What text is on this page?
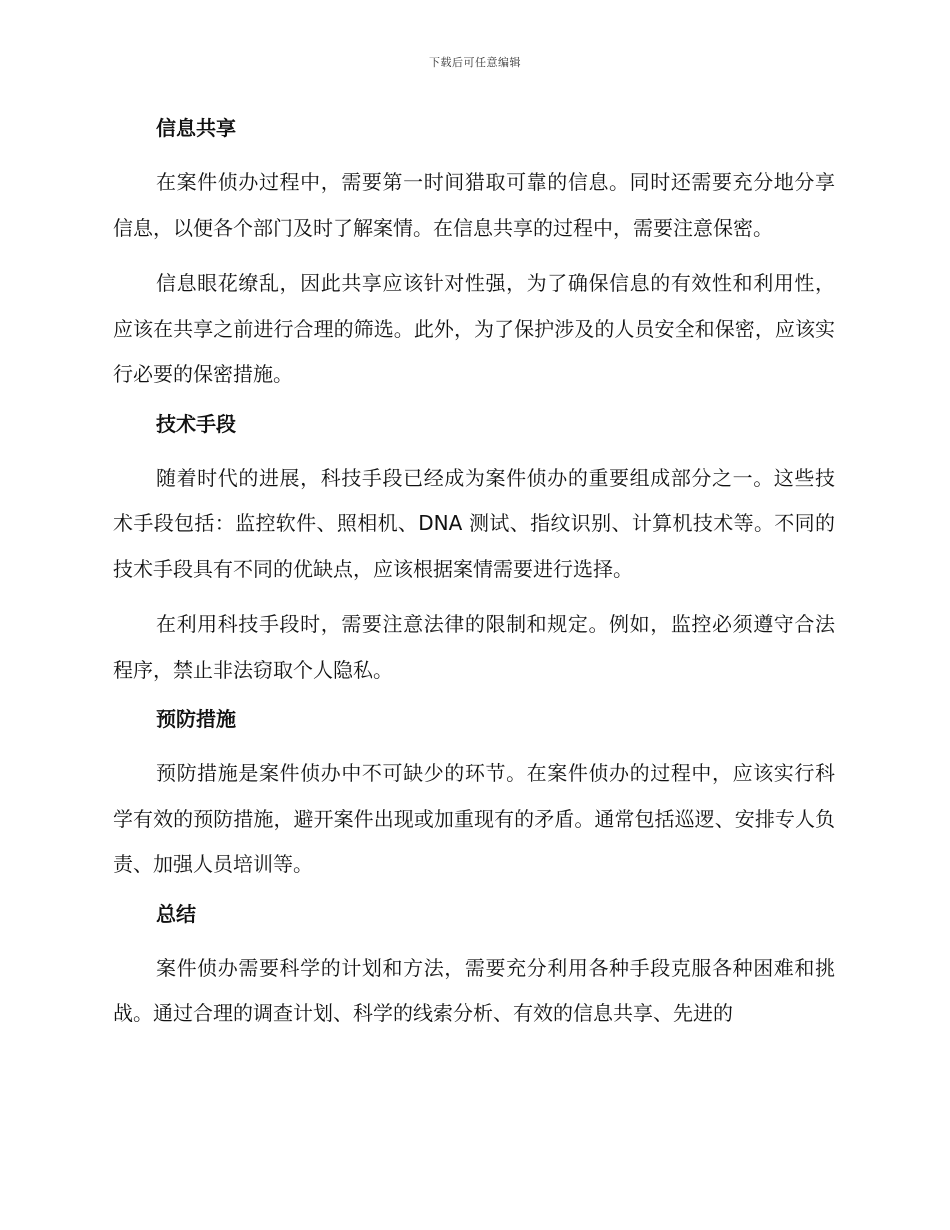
下载后可任意编辑
信息共享

在案件侦办过程中，需要第一时间猎取可靠的信息。同时还需要充分地分享信息，以便各个部门及时了解案情。在信息共享的过程中，需要注意保密。

信息眼花缭乱，因此共享应该针对性强，为了确保信息的有效性和利用性，应该在共享之前进行合理的筛选。此外，为了保护涉及的人员安全和保密，应该实行必要的保密措施。

技术手段

随着时代的进展，科技手段已经成为案件侦办的重要组成部分之一。这些技术手段包括：监控软件、照相机、DNA 测试、指纹识别、计算机技术等。不同的技术手段具有不同的优缺点，应该根据案情需要进行选择。

在利用科技手段时，需要注意法律的限制和规定。例如，监控必须遵守合法程序，禁止非法窃取个人隐私。

预防措施

预防措施是案件侦办中不可缺少的环节。在案件侦办的过程中，应该实行科学有效的预防措施，避开案件出现或加重现有的矛盾。通常包括巡逻、安排专人负责、加强人员培训等。

总结

案件侦办需要科学的计划和方法，需要充分利用各种手段克服各种困难和挑战。通过合理的调查计划、科学的线索分析、有效的信息共享、先进的
